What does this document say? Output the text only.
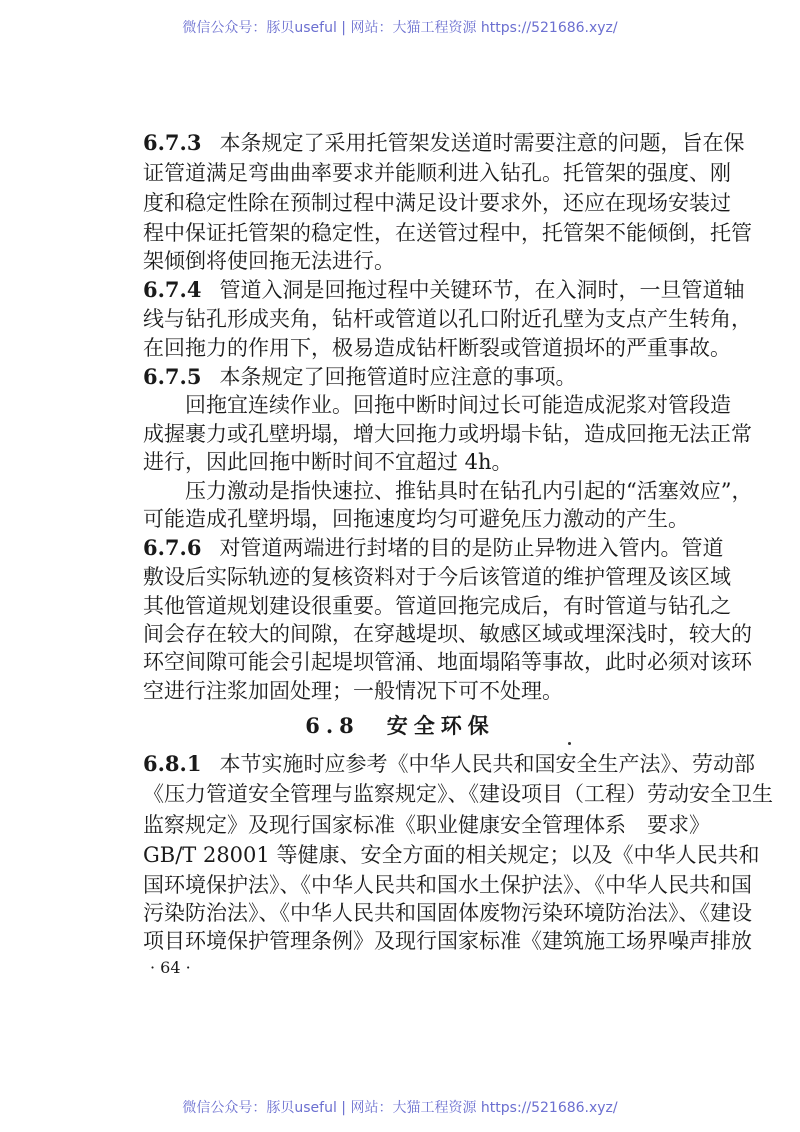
微信公众号：豚贝useful | 网站：大猫工程资源 https://521686.xyz/
6.7.3 本条规定了采用托管架发送道时需要注意的问题，旨在保
证管道满足弯曲曲率要求并能顺利进入钻孔。托管架的强度、刚
度和稳定性除在预制过程中满足设计要求外，还应在现场安装过
程中保证托管架的稳定性，在送管过程中，托管架不能倾倒，托管
架倾倒将使回拖无法进行。
6.7.4 管道入洞是回拖过程中关键环节，在入洞时，一旦管道轴
线与钻孔形成夹角，钻杆或管道以孔口附近孔壁为支点产生转角，
在回拖力的作用下，极易造成钻杆断裂或管道损坏的严重事故。
6.7.5 本条规定了回拖管道时应注意的事项。
回拖宜连续作业。回拖中断时间过长可能造成泥浆对管段造
成握裹力或孔壁坍塌，增大回拖力或坍塌卡钻，造成回拖无法正常
进行，因此回拖中断时间不宜超过 4h。
压力激动是指快速拉、推钻具时在钻孔内引起的“活塞效应”，
可能造成孔壁坍塌，回拖速度均匀可避免压力激动的产生。
6.7.6 对管道两端进行封堵的目的是防止异物进入管内。管道
敷设后实际轨迹的复核资料对于今后该管道的维护管理及该区域
其他管道规划建设很重要。管道回拖完成后，有时管道与钻孔之
间会存在较大的间隙，在穿越堤坝、敏感区域或埋深浅时，较大的
环空间隙可能会引起堤坝管涌、地面塌陷等事故，此时必须对该环
空进行注浆加固处理；一般情况下可不处理。
6.8　安全环保
6.8.1 本节实施时应参考《中华人民共和国安全生产法》、劳动部
《压力管道安全管理与监察规定》、《建设项目（工程）劳动安全卫生
监察规定》及现行国家标准《职业健康安全管理体系　要求》
GB/T 28001 等健康、安全方面的相关规定；以及《中华人民共和
国环境保护法》、《中华人民共和国水土保护法》、《中华人民共和国
污染防治法》、《中华人民共和国固体废物污染环境防治法》、《建设
项目环境保护管理条例》及现行国家标准《建筑施工场界噪声排放
· 64 ·
微信公众号：豚贝useful | 网站：大猫工程资源 https://521686.xyz/
